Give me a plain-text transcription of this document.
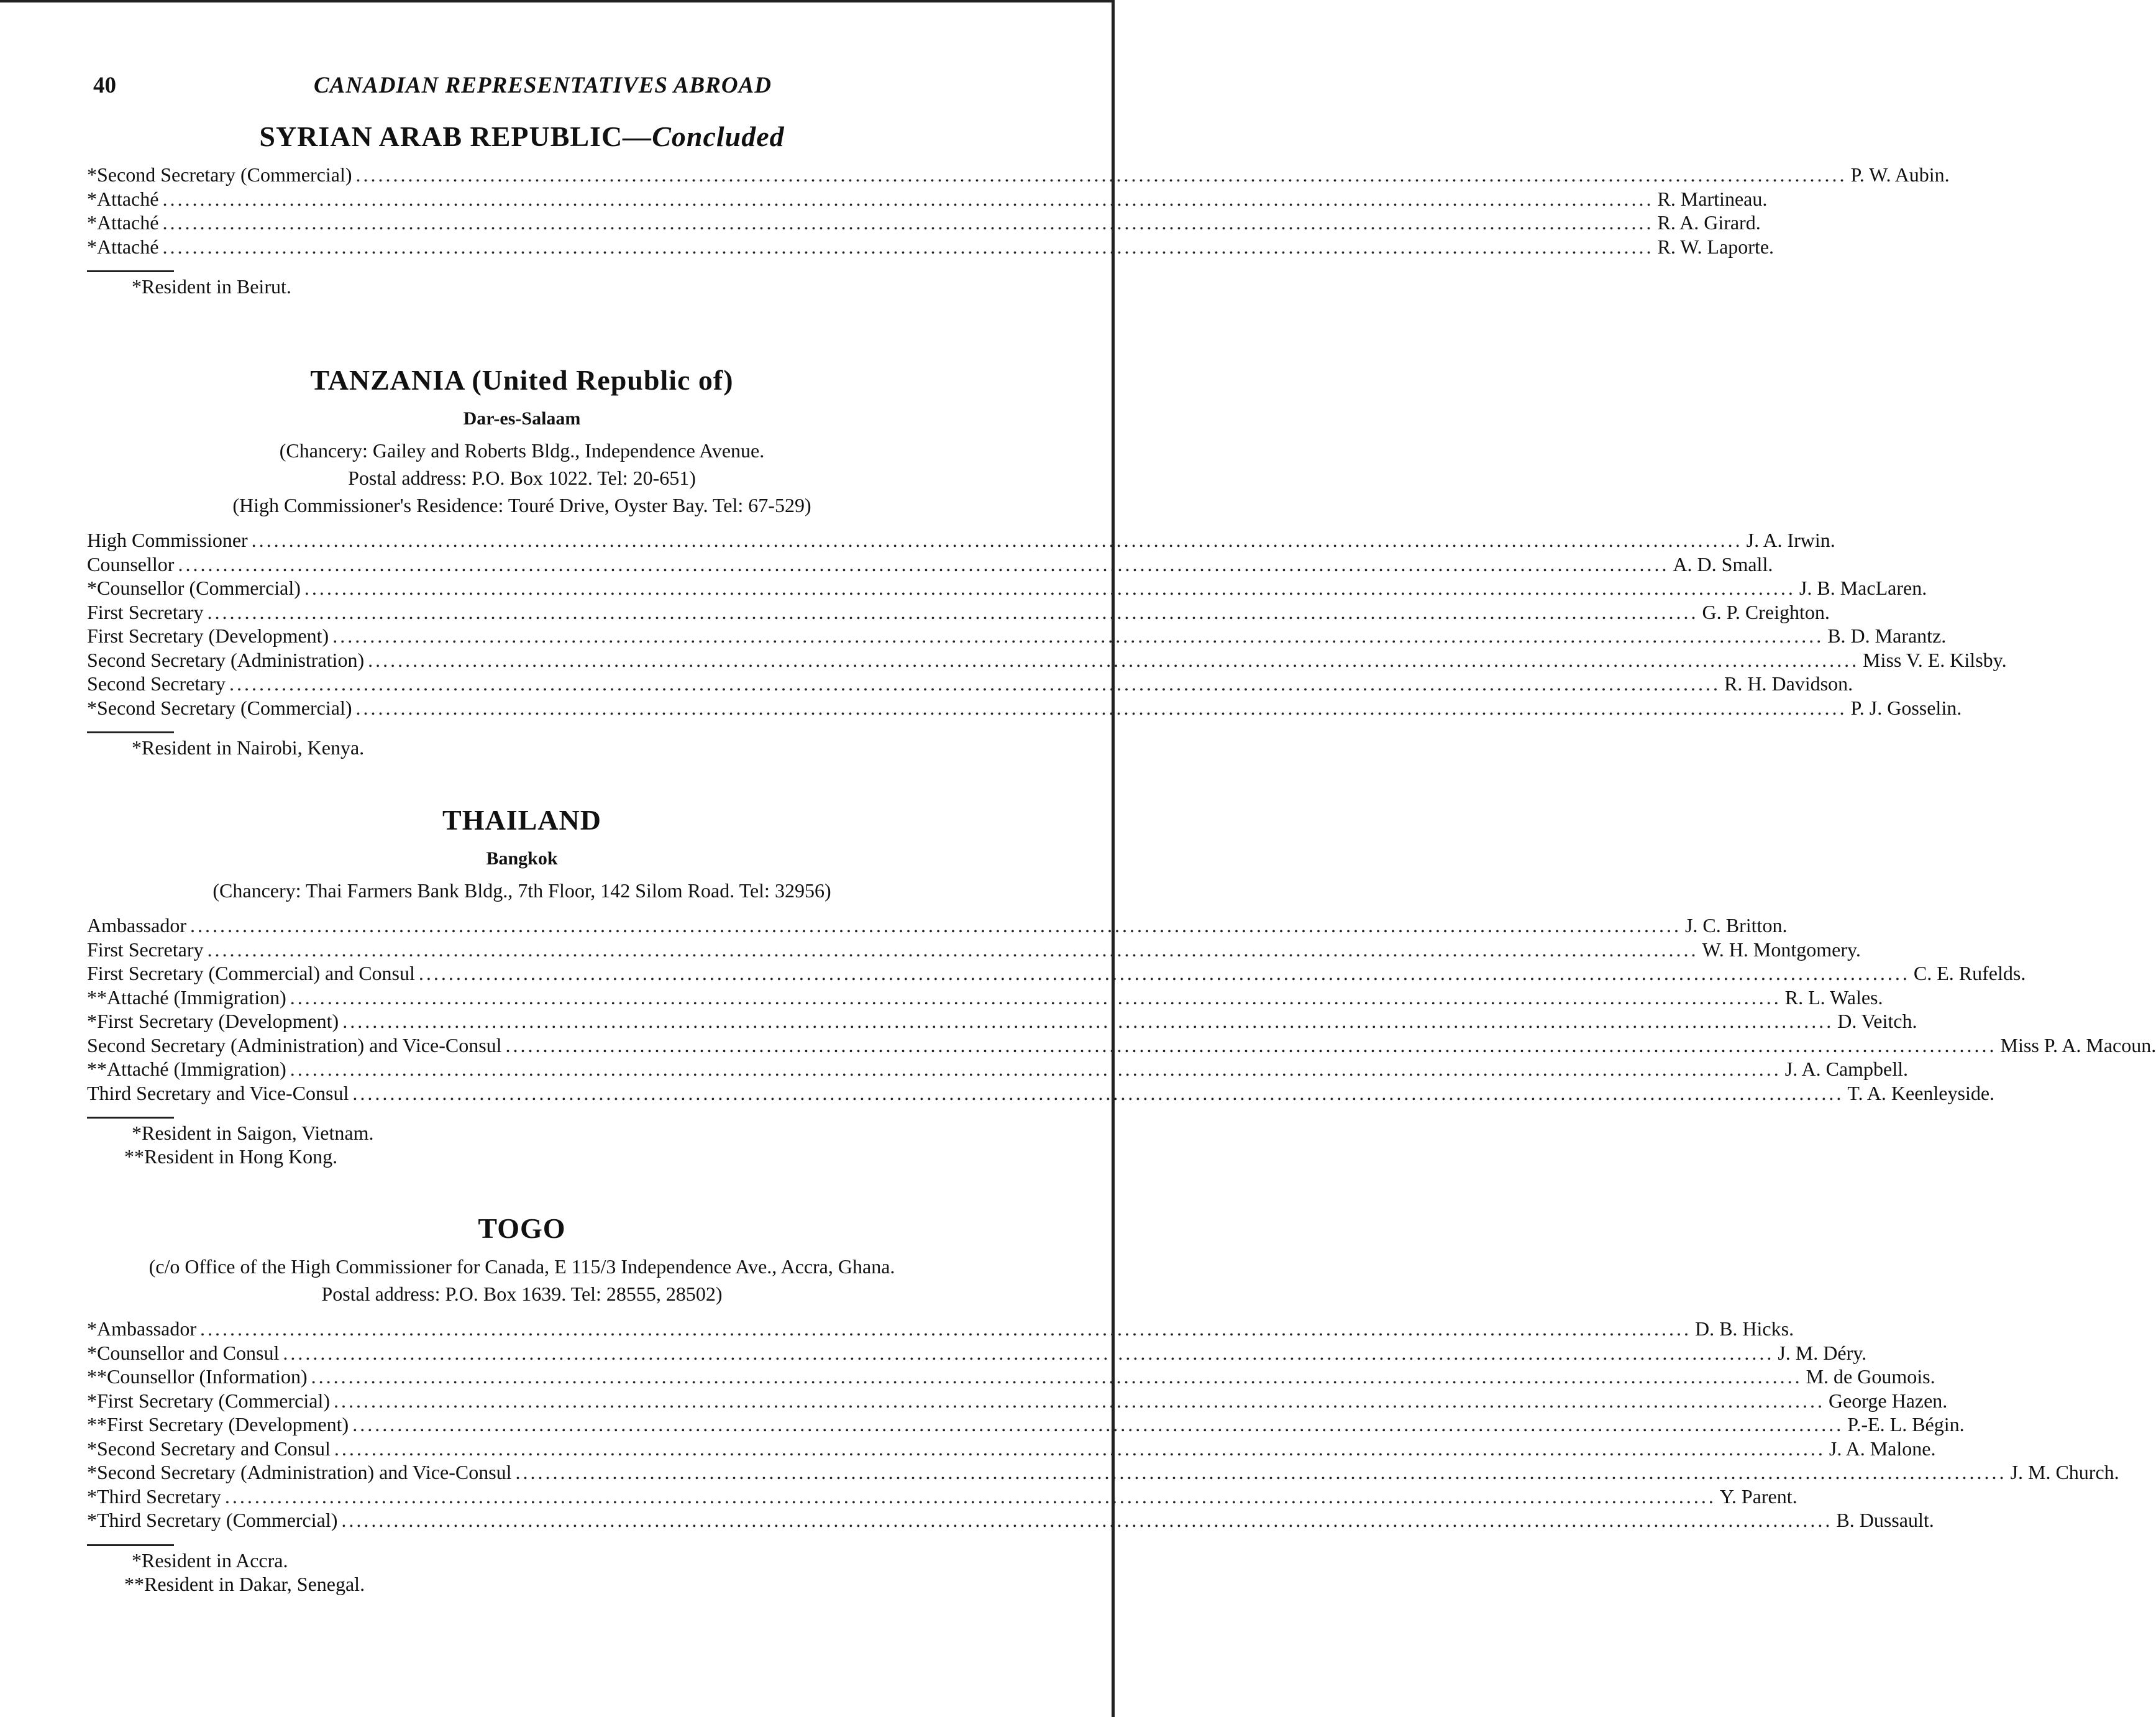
40	CANADIAN REPRESENTATIVES ABROAD
SYRIAN ARAB REPUBLIC—Concluded
*Second Secretary (Commercial) ........................................................................................................................................................................................................ P. W. Aubin.
*Attaché ........................................................................................................................................................................................................ R. Martineau.
*Attaché ........................................................................................................................................................................................................ R. A. Girard.
*Attaché ........................................................................................................................................................................................................ R. W. Laporte.
*Resident in Beirut.
TANZANIA (United Republic of)
Dar-es-Salaam
(Chancery: Gailey and Roberts Bldg., Independence Avenue.
Postal address: P.O. Box 1022. Tel: 20-651)
(High Commissioner's Residence: Touré Drive, Oyster Bay. Tel: 67-529)
High Commissioner ........................................................................................................................................................................................................ J. A. Irwin.
Counsellor ........................................................................................................................................................................................................ A. D. Small.
*Counsellor (Commercial) ........................................................................................................................................................................................................ J. B. MacLaren.
First Secretary ........................................................................................................................................................................................................ G. P. Creighton.
First Secretary (Development) ........................................................................................................................................................................................................ B. D. Marantz.
Second Secretary (Administration) ........................................................................................................................................................................................................ Miss V. E. Kilsby.
Second Secretary ........................................................................................................................................................................................................ R. H. Davidson.
*Second Secretary (Commercial) ........................................................................................................................................................................................................ P. J. Gosselin.
*Resident in Nairobi, Kenya.
THAILAND
Bangkok
(Chancery: Thai Farmers Bank Bldg., 7th Floor, 142 Silom Road. Tel: 32956)
Ambassador ........................................................................................................................................................................................................ J. C. Britton.
First Secretary ........................................................................................................................................................................................................ W. H. Montgomery.
First Secretary (Commercial) and Consul ........................................................................................................................................................................................................ C. E. Rufelds.
**Attaché (Immigration) ........................................................................................................................................................................................................ R. L. Wales.
*First Secretary (Development) ........................................................................................................................................................................................................ D. Veitch.
Second Secretary (Administration) and Vice-Consul ........................................................................................................................................................................................................ Miss P. A. Macoun.
**Attaché (Immigration) ........................................................................................................................................................................................................ J. A. Campbell.
Third Secretary and Vice-Consul ........................................................................................................................................................................................................ T. A. Keenleyside.
*Resident in Saigon, Vietnam.
**Resident in Hong Kong.
TOGO
(c/o Office of the High Commissioner for Canada, E 115/3 Independence Ave., Accra, Ghana.
Postal address: P.O. Box 1639. Tel: 28555, 28502)
*Ambassador ........................................................................................................................................................................................................ D. B. Hicks.
*Counsellor and Consul ........................................................................................................................................................................................................ J. M. Déry.
**Counsellor (Information) ........................................................................................................................................................................................................ M. de Goumois.
*First Secretary (Commercial) ........................................................................................................................................................................................................ George Hazen.
**First Secretary (Development) ........................................................................................................................................................................................................ P.-E. L. Bégin.
*Second Secretary and Consul ........................................................................................................................................................................................................ J. A. Malone.
*Second Secretary (Administration) and Vice-Consul ........................................................................................................................................................................................................ J. M. Church.
*Third Secretary ........................................................................................................................................................................................................ Y. Parent.
*Third Secretary (Commercial) ........................................................................................................................................................................................................ B. Dussault.
*Resident in Accra.
**Resident in Dakar, Senegal.
